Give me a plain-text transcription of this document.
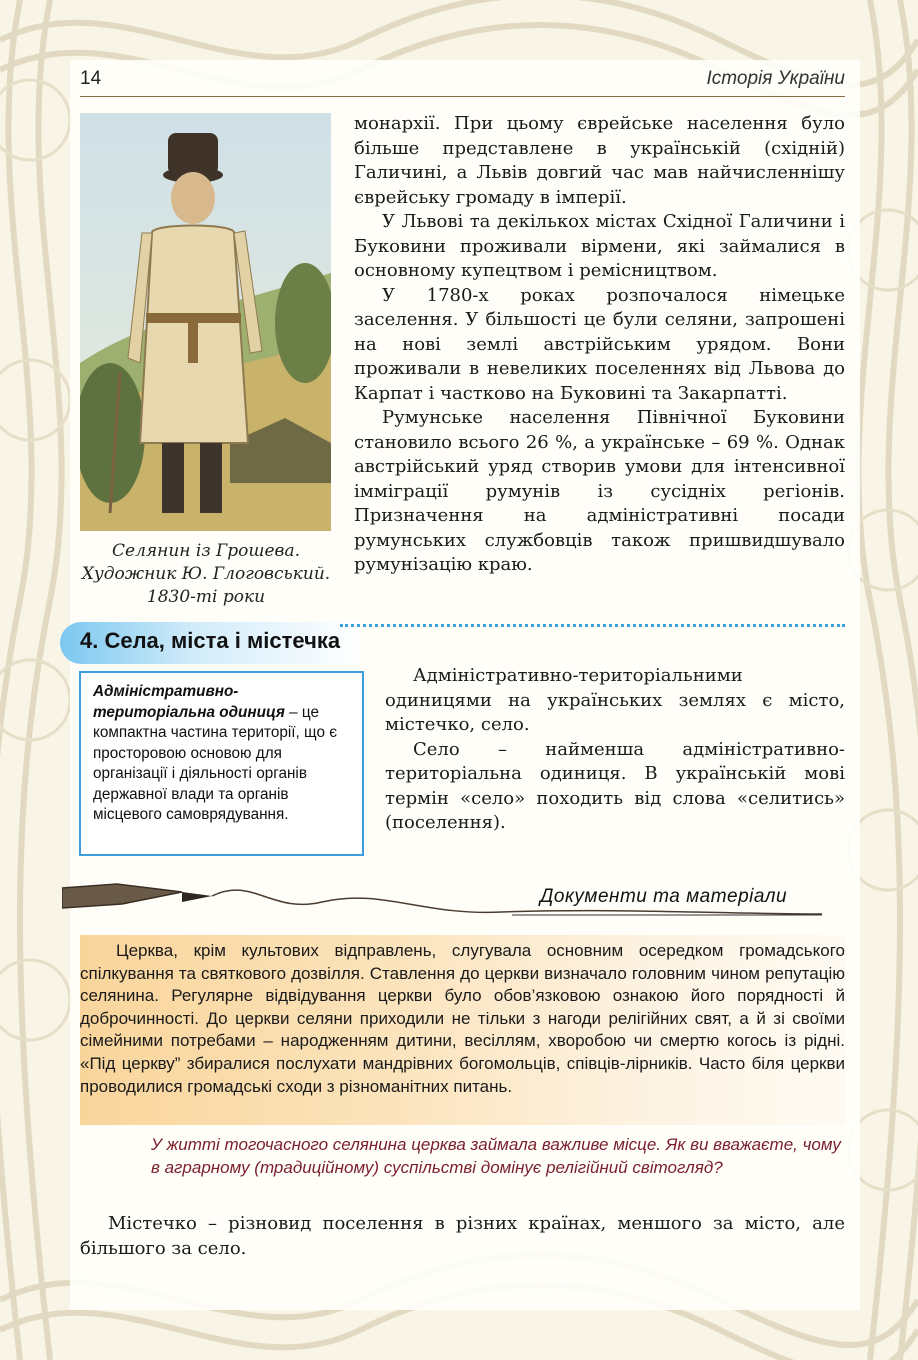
14	Історія України
Селянин із Грошева.
Художник Ю. Глоговський.
1830-ті роки

монархії. При цьому єврейське населення було більше представлене в українській (східній) Галичині, а Львів довгий час мав найчисленнішу єврейську громаду в імперії.

У Львові та декількох містах Східної Галичини і Буковини проживали вірмени, які займалися в основному купецтвом і ремісництвом.

У 1780-х роках розпочалося німецьке заселення. У більшості це були селяни, запрошені на нові землі австрійським урядом. Вони проживали в невеликих поселеннях від Львова до Карпат і частково на Буковині та Закарпатті.

Румунське населення Північної Буковини становило всього 26 %, а українське – 69 %. Однак австрійський уряд створив умови для інтенсивної імміграції румунів із сусідніх регіонів. Призначення на адміністративні посади румунських службовців також пришвидшувало румунізацію краю.

4. Села, міста і містечка
Адміністративно-територіальна одиниця – це компактна частина території, що є просторовою основою для організації і діяльності органів державної влади та органів місцевого самоврядування.

Адміністративно-територіальними одиницями на українських землях є місто, містечко, село.

Село – найменша адміністративно-територіальна одиниця. В українській мові термін «село» походить від слова «селитись» (поселення).

Документи та матеріали

Церква, крім культових відправлень, слугувала основним осередком громадського спілкування та святкового дозвілля. Ставлення до церкви визначало головним чином репутацію селянина. Регулярне відвідування церкви було обов’язковою ознакою його порядності й доброчинності. До церкви селяни приходили не тільки з нагоди релігійних свят, а й зі своїми сімейними потребами – народженням дитини, весіллям, хворобою чи смертю когось із рідні. «Під церкву” збиралися послухати мандрівних богомольців, співців-лірників. Часто біля церкви проводилися громадські сходи з різноманітних питань.

У житті тогочасного селянина церква займала важливе місце. Як ви вважаєте, чому в аграрному (традиційному) суспільстві домінує релігійний світогляд?

Містечко – різновид поселення в різних країнах, меншого за місто, але більшого за село.
